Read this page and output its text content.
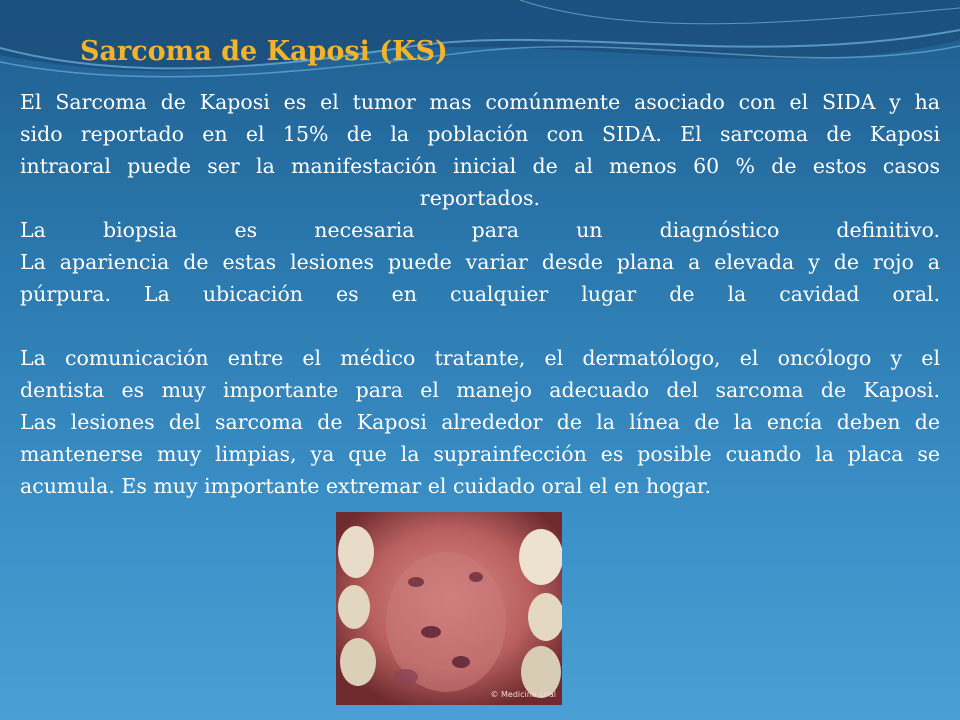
Sarcoma de Kaposi (KS)

El Sarcoma de Kaposi es el tumor mas comúnmente asociado con el SIDA y ha

sido reportado en el 15% de la población con SIDA. El sarcoma de Kaposi

intraoral puede ser la manifestación inicial de al menos 60 % de estos casos

reportados.

La biopsia es necesaria para un diagnóstico definitivo.

La apariencia de estas lesiones puede variar desde plana a elevada y de rojo a

púrpura. La ubicación es en cualquier lugar de la cavidad oral.

La comunicación entre el médico tratante, el dermatólogo, el oncólogo y el

dentista es muy importante para el manejo adecuado del sarcoma de Kaposi.

Las lesiones del sarcoma de Kaposi alrededor de la línea de la encía deben de

mantenerse muy limpias, ya que la suprainfección es posible cuando la placa se

acumula. Es muy importante extremar el cuidado oral el en hogar.

© Medicina Oral
